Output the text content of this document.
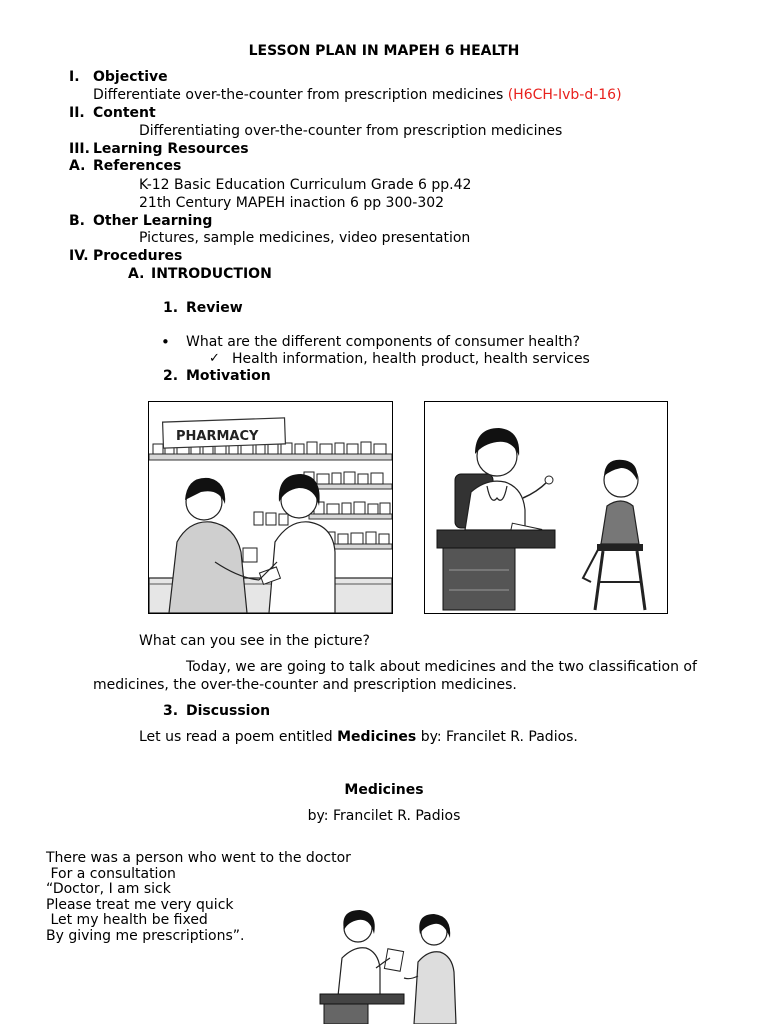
LESSON PLAN IN MAPEH 6 HEALTH
I. Objective
Differentiate over-the-counter from prescription medicines (H6CH-Ivb-d-16)
II. Content
Differentiating over-the-counter from prescription medicines
III. Learning Resources
A. References
K-12 Basic Education Curriculum Grade 6 pp.42
21th Century MAPEH inaction 6 pp 300-302
B. Other Learning
Pictures, sample medicines, video presentation
IV. Procedures
A. INTRODUCTION
1. Review
• What are the different components of consumer health?
✓ Health information, health product, health services
2. Motivation
PHARMACY
What can you see in the picture?
Today, we are going to talk about medicines and the two classification of
medicines, the over-the-counter and prescription medicines.
3. Discussion
Let us read a poem entitled Medicines by: Francilet R. Padios.
Medicines
by: Francilet R. Padios
There was a person who went to the doctor
For a consultation
“Doctor, I am sick
Please treat me very quick
Let my health be fixed
By giving me prescriptions”.
